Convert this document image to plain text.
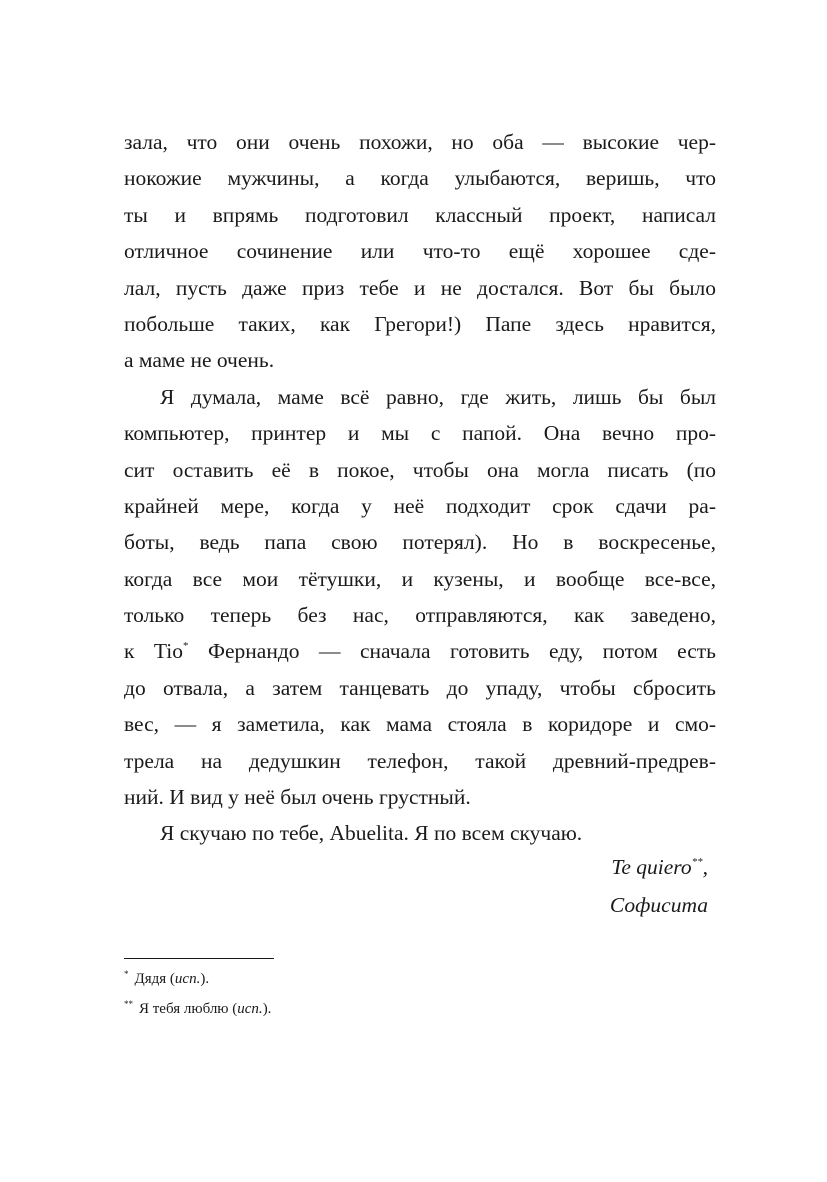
зала, что они очень похожи, но оба — высокие чер-
нокожие мужчины, а когда улыбаются, веришь, что
ты и впрямь подготовил классный проект, написал
отличное сочинение или что-то ещё хорошее сде-
лал, пусть даже приз тебе и не достался. Вот бы было
побольше таких, как Грегори!) Папе здесь нравится,
а маме не очень.
Я думала, маме всё равно, где жить, лишь бы был
компьютер, принтер и мы с папой. Она вечно про-
сит оставить её в покое, чтобы она могла писать (по
крайней мере, когда у неё подходит срок сдачи ра-
боты, ведь папа свою потерял). Но в воскресенье,
когда все мои тётушки, и кузены, и вообще все-все,
только теперь без нас, отправляются, как заведено,
к Tio* Фернандо — сначала готовить еду, потом есть
до отвала, а затем танцевать до упаду, чтобы сбросить
вес, — я заметила, как мама стояла в коридоре и смо-
трела на дедушкин телефон, такой древний-предрев-
ний. И вид у неё был очень грустный.
Я скучаю по тебе, Abuelita. Я по всем скучаю.
Te quiero**,
Софисита
* Дядя (исп.).
** Я тебя люблю (исп.).
